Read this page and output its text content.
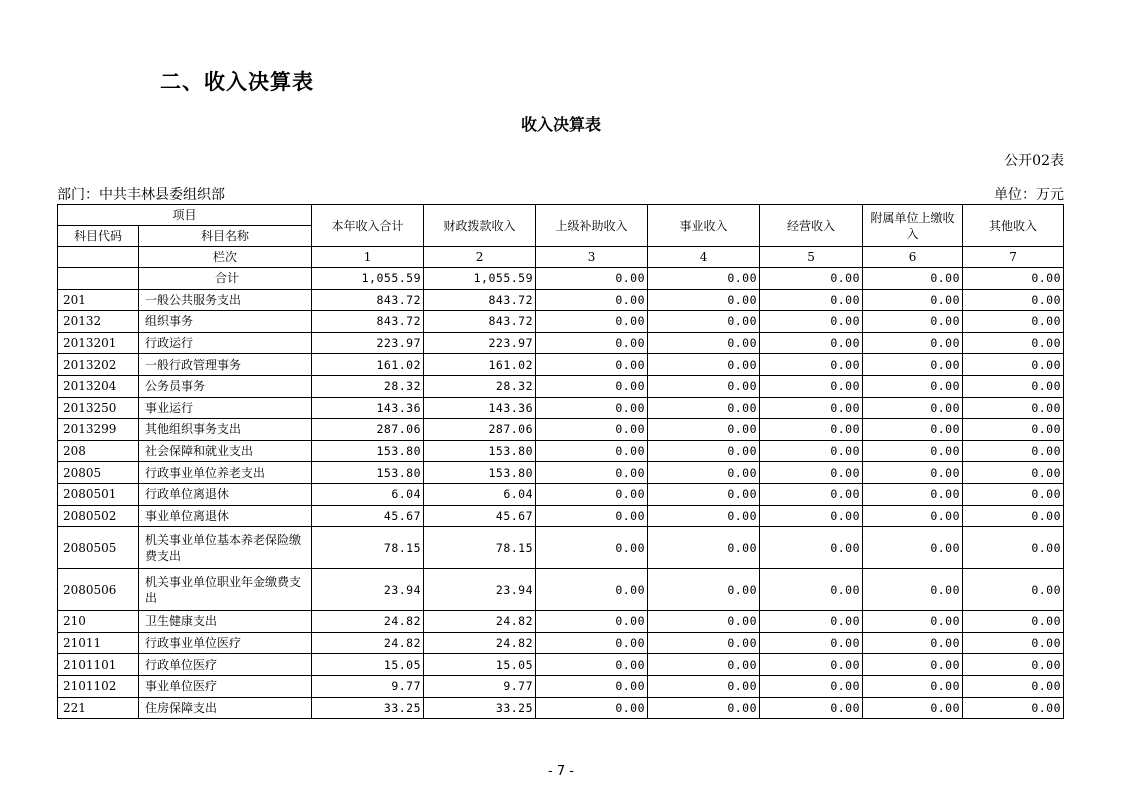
二、收入决算表
收入决算表
公开02表
部门：中共丰林县委组织部	单位：万元
项目		本年收入合计	财政拨款收入	上级补助收入	事业收入	经营收入	附属单位上缴收入	其他收入
科目代码	科目名称							
	栏次	1	2	3	4	5	6	7
	合计	1,055.59	1,055.59	0.00	0.00	0.00	0.00	0.00
201	一般公共服务支出	843.72	843.72	0.00	0.00	0.00	0.00	0.00
20132	组织事务	843.72	843.72	0.00	0.00	0.00	0.00	0.00
2013201	行政运行	223.97	223.97	0.00	0.00	0.00	0.00	0.00
2013202	一般行政管理事务	161.02	161.02	0.00	0.00	0.00	0.00	0.00
2013204	公务员事务	28.32	28.32	0.00	0.00	0.00	0.00	0.00
2013250	事业运行	143.36	143.36	0.00	0.00	0.00	0.00	0.00
2013299	其他组织事务支出	287.06	287.06	0.00	0.00	0.00	0.00	0.00
208	社会保障和就业支出	153.80	153.80	0.00	0.00	0.00	0.00	0.00
20805	行政事业单位养老支出	153.80	153.80	0.00	0.00	0.00	0.00	0.00
2080501	行政单位离退休	6.04	6.04	0.00	0.00	0.00	0.00	0.00
2080502	事业单位离退休	45.67	45.67	0.00	0.00	0.00	0.00	0.00
2080505	机关事业单位基本养老保险缴费支出	78.15	78.15	0.00	0.00	0.00	0.00	0.00
2080506	机关事业单位职业年金缴费支出	23.94	23.94	0.00	0.00	0.00	0.00	0.00
210	卫生健康支出	24.82	24.82	0.00	0.00	0.00	0.00	0.00
21011	行政事业单位医疗	24.82	24.82	0.00	0.00	0.00	0.00	0.00
2101101	行政单位医疗	15.05	15.05	0.00	0.00	0.00	0.00	0.00
2101102	事业单位医疗	9.77	9.77	0.00	0.00	0.00	0.00	0.00
221	住房保障支出	33.25	33.25	0.00	0.00	0.00	0.00	0.00
- 7 -
